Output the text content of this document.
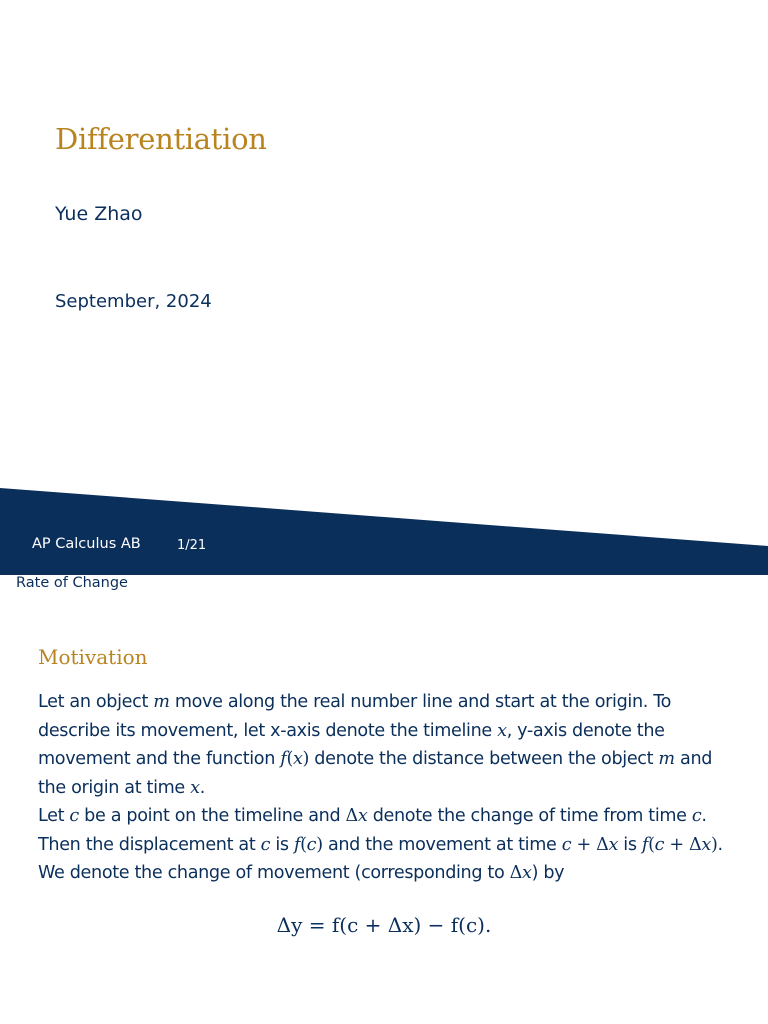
Differentiation

Yue Zhao

September, 2024

AP Calculus AB	1/21
Rate of Change
Motivation

Let an object m move along the real number line and start at the origin. To describe its movement, let x-axis denote the timeline x, y-axis denote the movement and the function f(x) denote the distance between the object m and the origin at time x.

Let c be a point on the timeline and Δx denote the change of time from time c. Then the displacement at c is f(c) and the movement at time c + Δx is f(c + Δx). We denote the change of movement (corresponding to Δx) by

Δy = f(c + Δx) − f(c).
